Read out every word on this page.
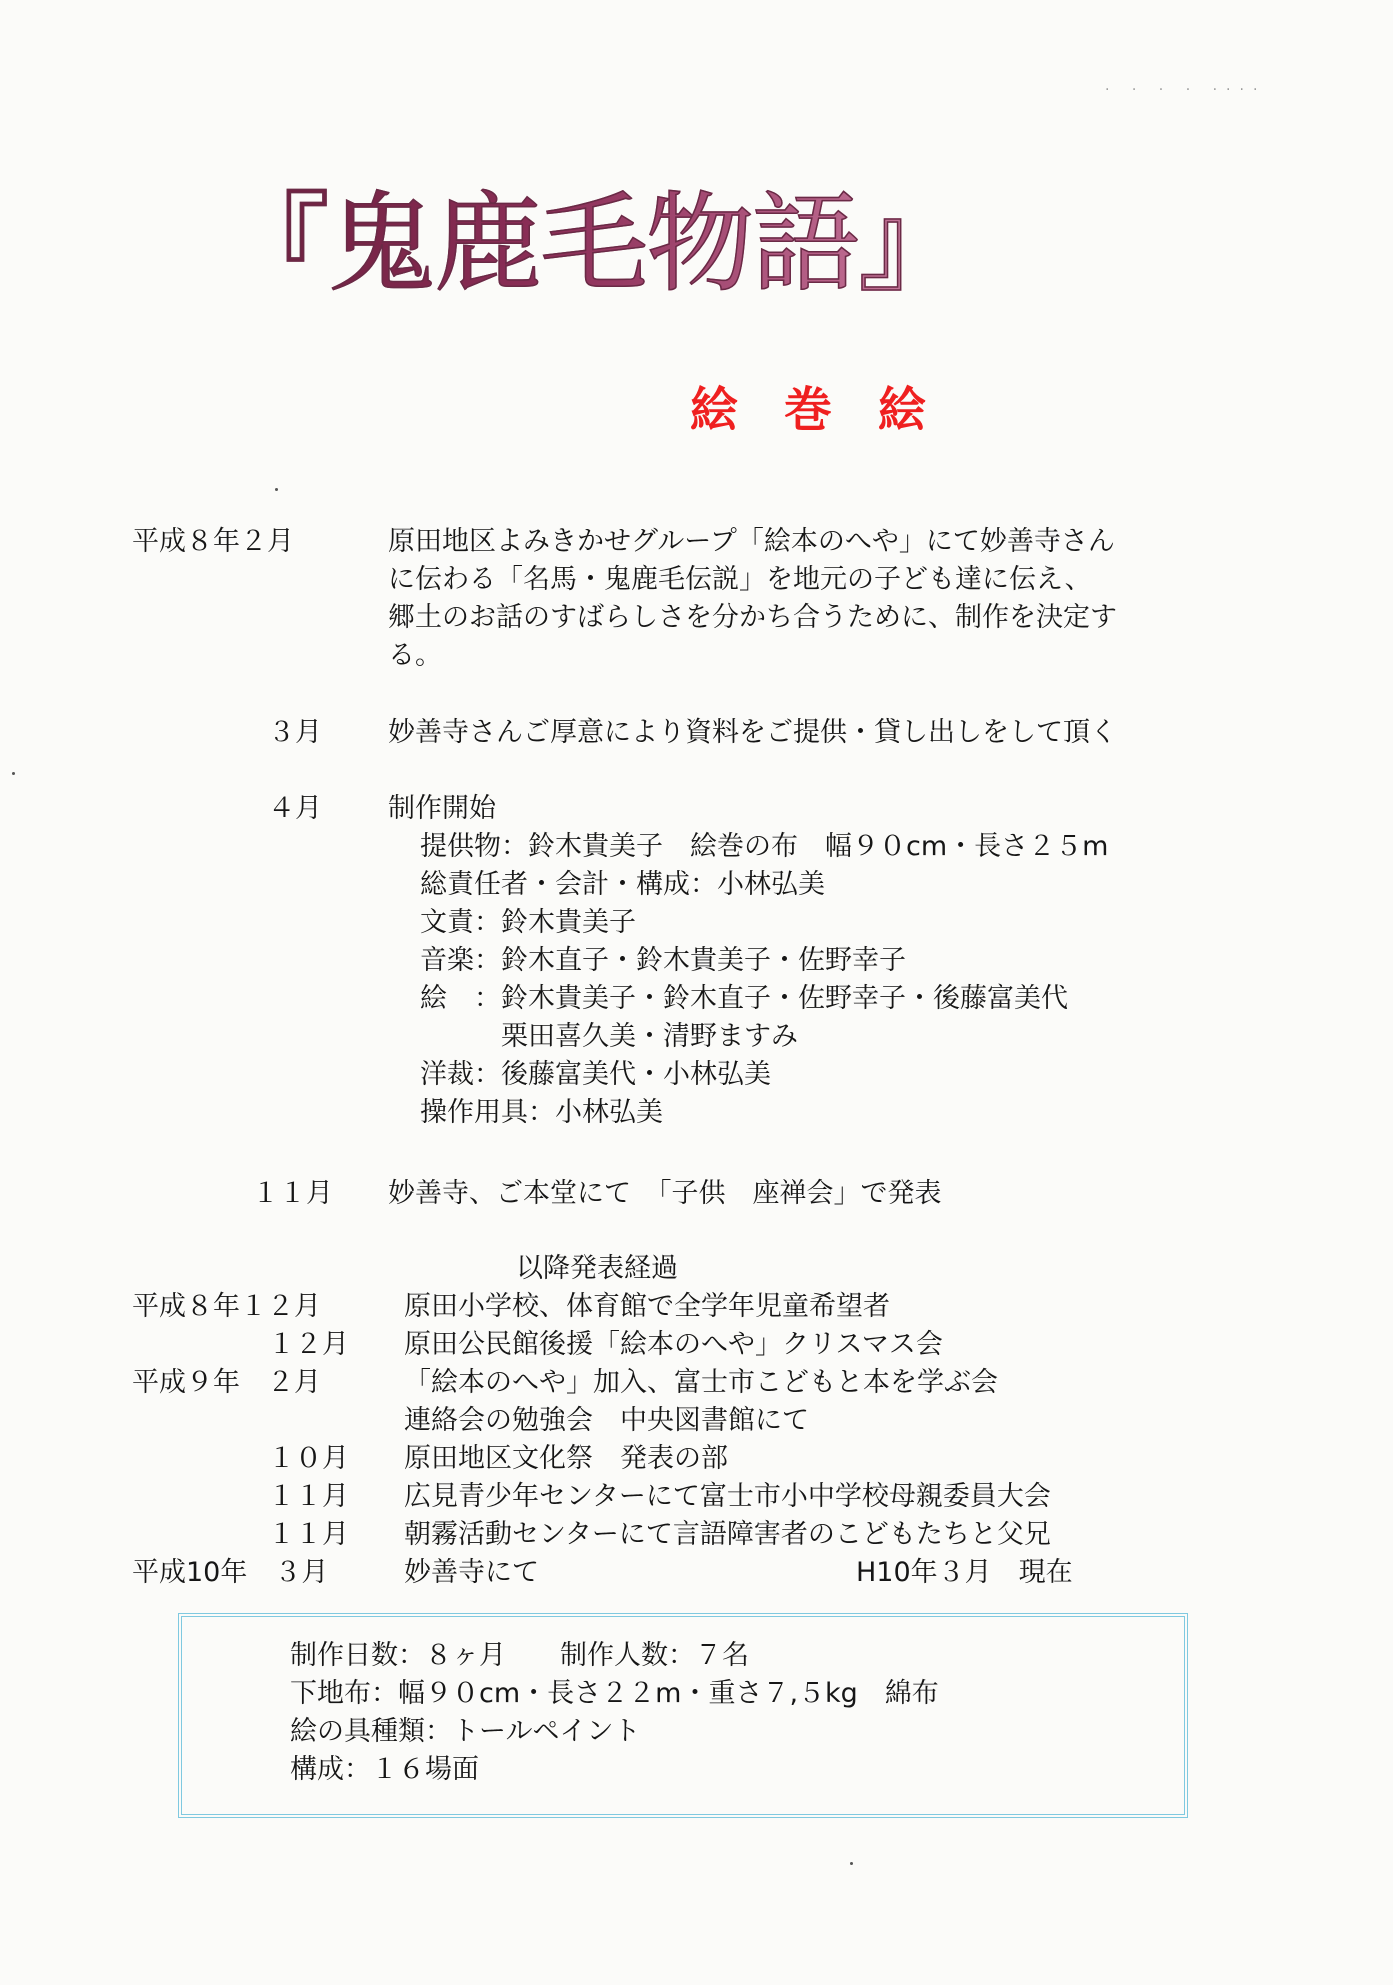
. . . . ....
『鬼鹿毛物語』
絵巻絵
平成８年２月	原田地区よみきかせグループ「絵本のへや」にて妙善寺さん

に伝わる「名馬・鬼鹿毛伝説」を地元の子ども達に伝え、

郷土のお話のすばらしさを分かち合うために、制作を決定す

る。

３月 妙善寺さんご厚意により資料をご提供・貸し出しをして頂く
４月 制作開始
提供物：鈴木貴美子　絵巻の布　幅９０cm・長さ２５m
総責任者・会計・構成：小林弘美
文責：鈴木貴美子
音楽：鈴木直子・鈴木貴美子・佐野幸子
絵　：鈴木貴美子・鈴木直子・佐野幸子・後藤富美代
　　　栗田喜久美・清野ますみ
洋裁：後藤富美代・小林弘美
操作用具：小林弘美
１１月 妙善寺、ご本堂にて　「子供　座禅会」で発表
以降発表経過
平成８年１２月	原田小学校、体育館で全学年児童希望者
１２月 原田公民館後援「絵本のへや」クリスマス会
平成９年　２月	「絵本のへや」加入、富士市こどもと本を学ぶ会
連絡会の勉強会　中央図書館にて
１０月 原田地区文化祭　発表の部
１１月 広見青少年センターにて富士市小中学校母親委員大会
１１月 朝霧活動センターにて言語障害者のこどもたちと父兄
平成10年　３月	妙善寺にて	H10年３月　現在
制作日数：８ヶ月　　制作人数：７名
下地布：幅９０cm・長さ２２m・重さ７,５kg　綿布
絵の具種類：トールペイント
構成：１６場面
